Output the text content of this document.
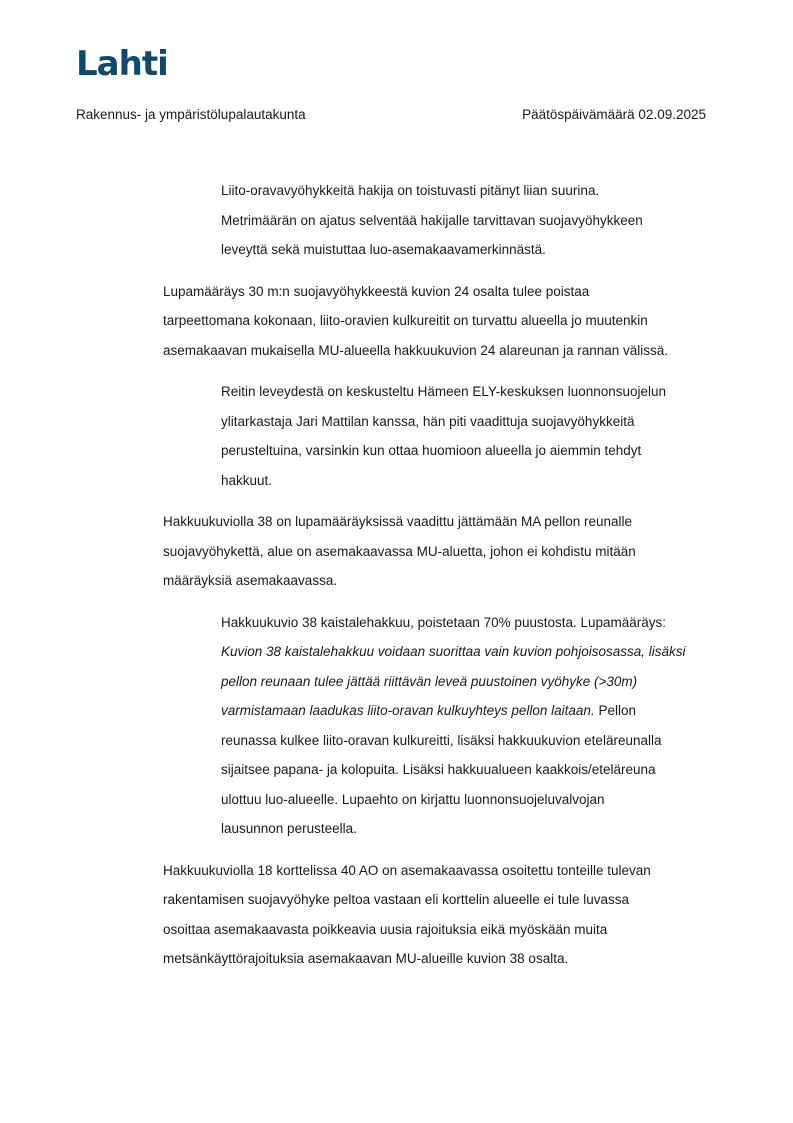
Lahti
Rakennus- ja ympäristölupalautakunta	Päätöspäivämäärä 02.09.2025

Liito-oravavyöhykkeitä hakija on toistuvasti pitänyt liian suurina.
Metrimäärän on ajatus selventää hakijalle tarvittavan suojavyöhykkeen
leveyttä sekä muistuttaa luo-asemakaavamerkinnästä.

Lupamääräys 30 m:n suojavyöhykkeestä kuvion 24 osalta tulee poistaa
tarpeettomana kokonaan, liito-oravien kulkureitit on turvattu alueella jo muutenkin
asemakaavan mukaisella MU-alueella hakkuukuvion 24 alareunan ja rannan välissä.

Reitin leveydestä on keskusteltu Hämeen ELY-keskuksen luonnonsuojelun
ylitarkastaja Jari Mattilan kanssa, hän piti vaadittuja suojavyöhykkeitä
perusteltuina, varsinkin kun ottaa huomioon alueella jo aiemmin tehdyt
hakkuut.

Hakkuukuviolla 38 on lupamääräyksissä vaadittu jättämään MA pellon reunalle
suojavyöhykettä, alue on asemakaavassa MU-aluetta, johon ei kohdistu mitään
määräyksiä asemakaavassa.

Hakkuukuvio 38 kaistalehakkuu, poistetaan 70% puustosta. Lupamääräys:
Kuvion 38 kaistalehakkuu voidaan suorittaa vain kuvion pohjoisosassa, lisäksi
pellon reunaan tulee jättää riittävän leveä puustoinen vyöhyke (>30m)
varmistamaan laadukas liito-oravan kulkuyhteys pellon laitaan. Pellon
reunassa kulkee liito-oravan kulkureitti, lisäksi hakkuukuvion eteläreunalla
sijaitsee papana- ja kolopuita. Lisäksi hakkuualueen kaakkois/eteläreuna
ulottuu luo-alueelle. Lupaehto on kirjattu luonnonsuojeluvalvojan
lausunnon perusteella.

Hakkuukuviolla 18 korttelissa 40 AO on asemakaavassa osoitettu tonteille tulevan
rakentamisen suojavyöhyke peltoa vastaan eli korttelin alueelle ei tule luvassa
osoittaa asemakaavasta poikkeavia uusia rajoituksia eikä myöskään muita
metsänkäyttörajoituksia asemakaavan MU-alueille kuvion 38 osalta.
